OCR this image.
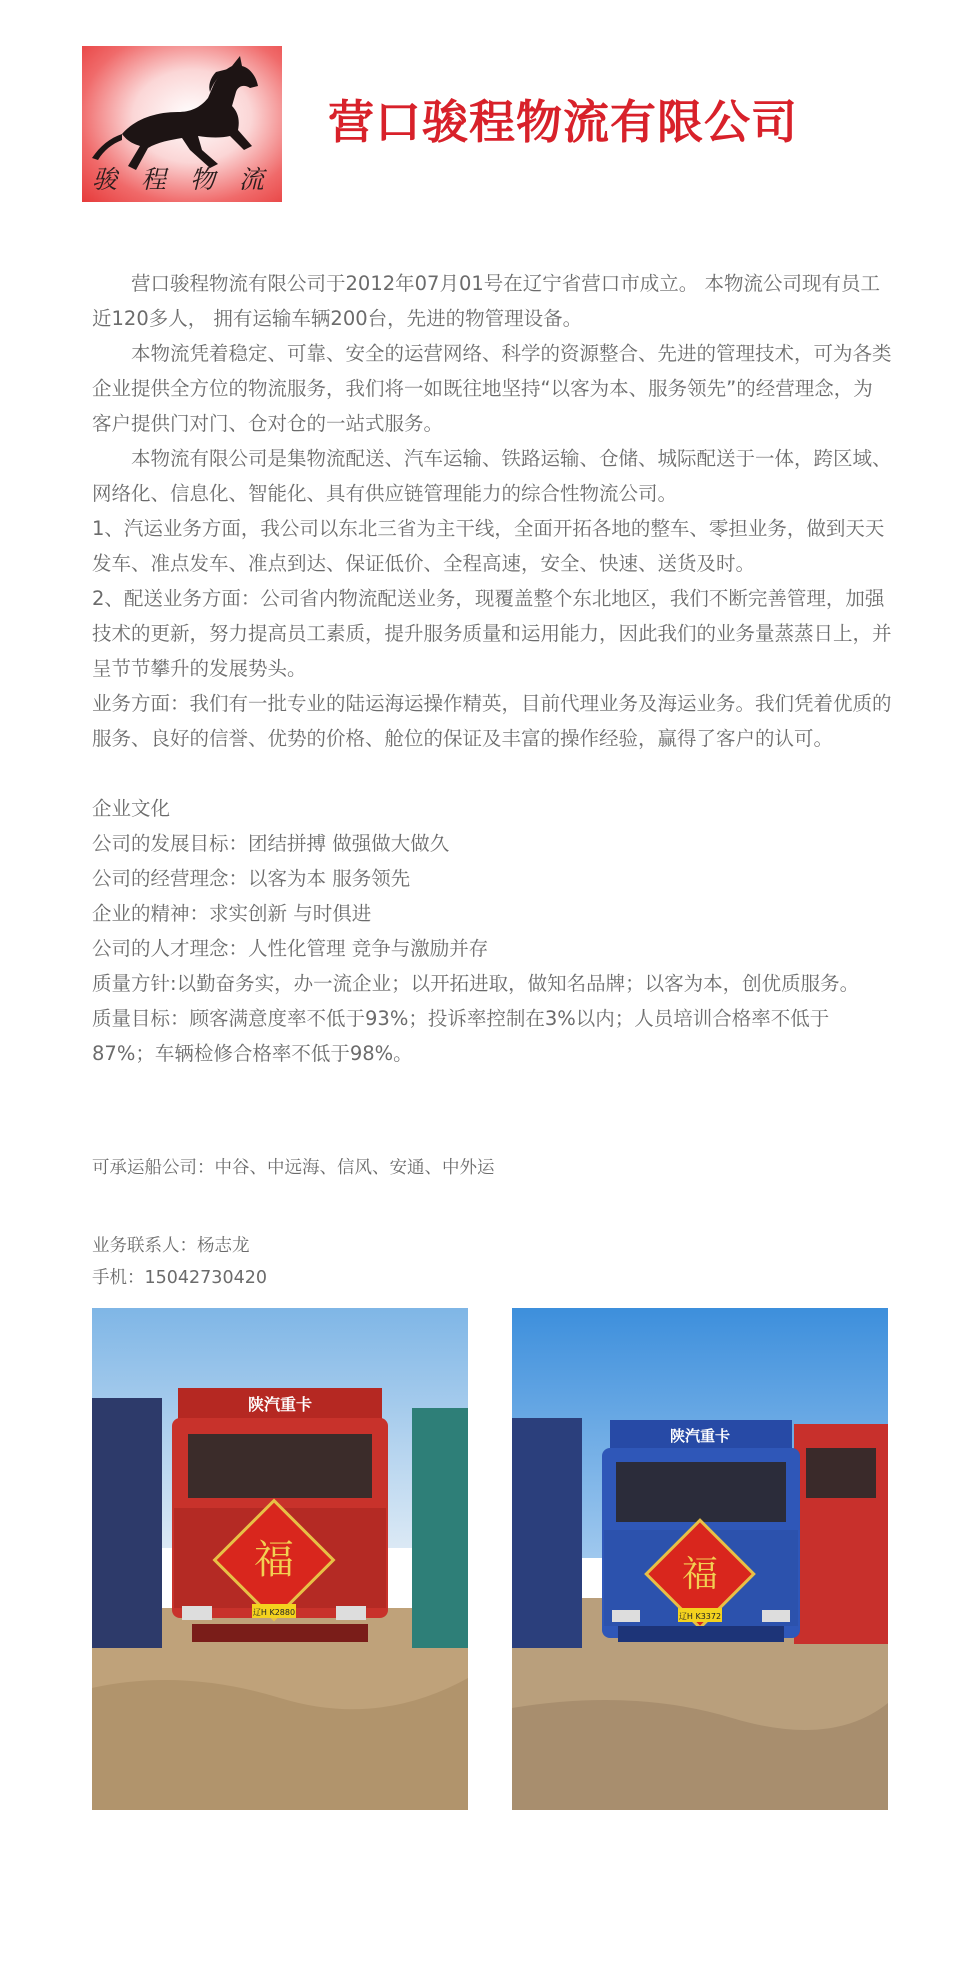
骏 程 物 流
营口骏程物流有限公司

营口骏程物流有限公司于2012年07月01号在辽宁省营口市成立。 本物流公司现有员工近120多人， 拥有运输车辆200台，先进的物管理设备。

本物流凭着稳定、可靠、安全的运营网络、科学的资源整合、先进的管理技术，可为各类企业提供全方位的物流服务，我们将一如既往地坚持“以客为本、服务领先”的经营理念，为客户提供门对门、仓对仓的一站式服务。

本物流有限公司是集物流配送、汽车运输、铁路运输、仓储、城际配送于一体，跨区域、网络化、信息化、智能化、具有供应链管理能力的综合性物流公司。

1、汽运业务方面，我公司以东北三省为主干线，全面开拓各地的整车、零担业务，做到天天发车、准点发车、准点到达、保证低价、全程高速，安全、快速、送货及时。

2、配送业务方面：公司省内物流配送业务，现覆盖整个东北地区，我们不断完善管理，加强技术的更新，努力提高员工素质，提升服务质量和运用能力，因此我们的业务量蒸蒸日上，并呈节节攀升的发展势头。

业务方面：我们有一批专业的陆运海运操作精英，目前代理业务及海运业务。我们凭着优质的服务、良好的信誉、优势的价格、舱位的保证及丰富的操作经验，赢得了客户的认可。

企业文化

公司的发展目标：团结拼搏 做强做大做久

公司的经营理念：以客为本 服务领先

企业的精神：求实创新 与时俱进

公司的人才理念：人性化管理 竞争与激励并存

质量方针:以勤奋务实，办一流企业；以开拓进取，做知名品牌；以客为本，创优质服务。

质量目标：顾客满意度率不低于93%；投诉率控制在3%以内；人员培训合格率不低于87%；车辆检修合格率不低于98%。

可承运船公司：中谷、中远海、信风、安通、中外运

业务联系人：杨志龙

手机：15042730420

福
陕汽重卡
辽H K2880
福
陕汽重卡
辽H K3372
